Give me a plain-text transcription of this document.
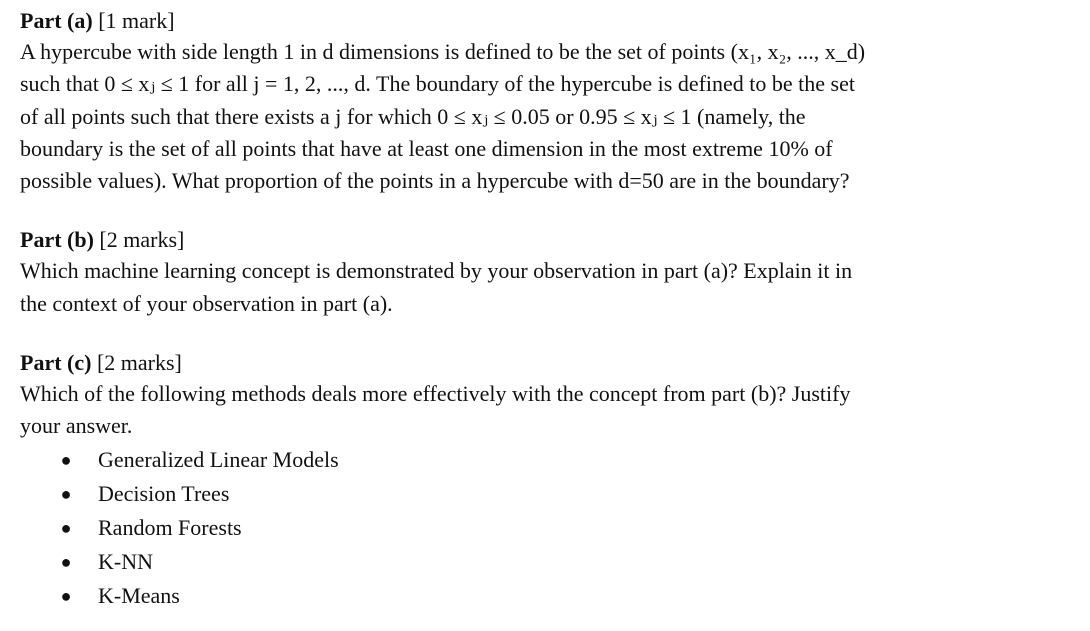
Part (a) [1 mark]
A hypercube with side length 1 in d dimensions is defined to be the set of points (x₁, x₂, ..., x_d)
such that 0 ≤ xⱼ ≤ 1 for all j = 1, 2, ..., d. The boundary of the hypercube is defined to be the set
of all points such that there exists a j for which 0 ≤ xⱼ ≤ 0.05 or 0.95 ≤ xⱼ ≤ 1 (namely, the
boundary is the set of all points that have at least one dimension in the most extreme 10% of
possible values). What proportion of the points in a hypercube with d=50 are in the boundary?
Part (b) [2 marks]
Which machine learning concept is demonstrated by your observation in part (a)? Explain it in
the context of your observation in part (a).
Part (c) [2 marks]
Which of the following methods deals more effectively with the concept from part (b)? Justify
your answer.
● Generalized Linear Models
● Decision Trees
● Random Forests
● K-NN
● K-Means
